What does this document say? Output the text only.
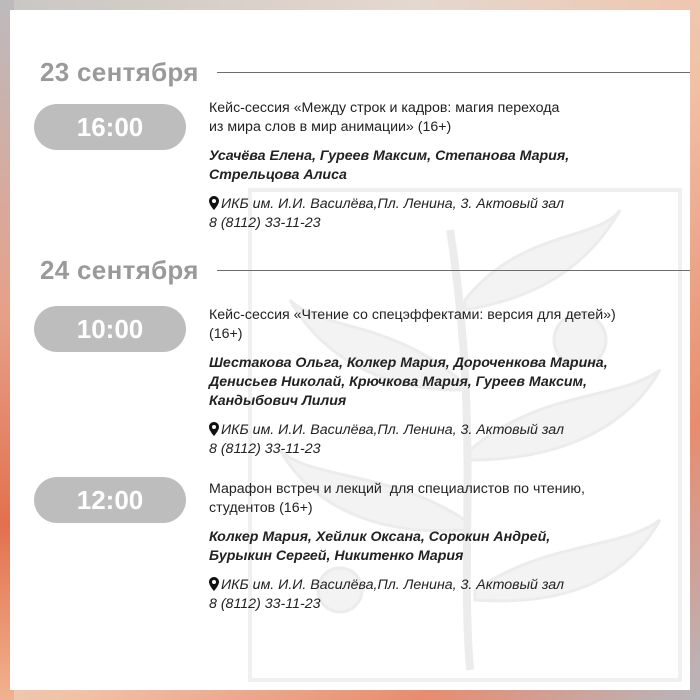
23 сентября
16:00
Кейс-сессия «Между строк и кадров: магия перехода
из мира слов в мир анимации» (16+)
Усачёва Елена, Гуреев Максим, Степанова Мария,
Стрельцова Алиса
ИКБ им. И.И. Василёва,Пл. Ленина, 3. Актовый зал
8 (8112) 33-11-23
24 сентября
10:00	Кейс-сессия «Чтение со спецэффектами: версия для детей»)
(16+)
Шестакова Ольга, Колкер Мария, Дороченкова Марина,
Денисьев Николай, Крючкова Мария, Гуреев Максим,
Кандыбович Лилия
ИКБ им. И.И. Василёва,Пл. Ленина, 3. Актовый зал
8 (8112) 33-11-23
12:00	Марафон встреч и лекций  для специалистов по чтению,
студентов (16+)
Колкер Мария, Хейлик Оксана, Сорокин Андрей,
Бурыкин Сергей, Никитенко Мария
ИКБ им. И.И. Василёва,Пл. Ленина, 3. Актовый зал
8 (8112) 33-11-23
